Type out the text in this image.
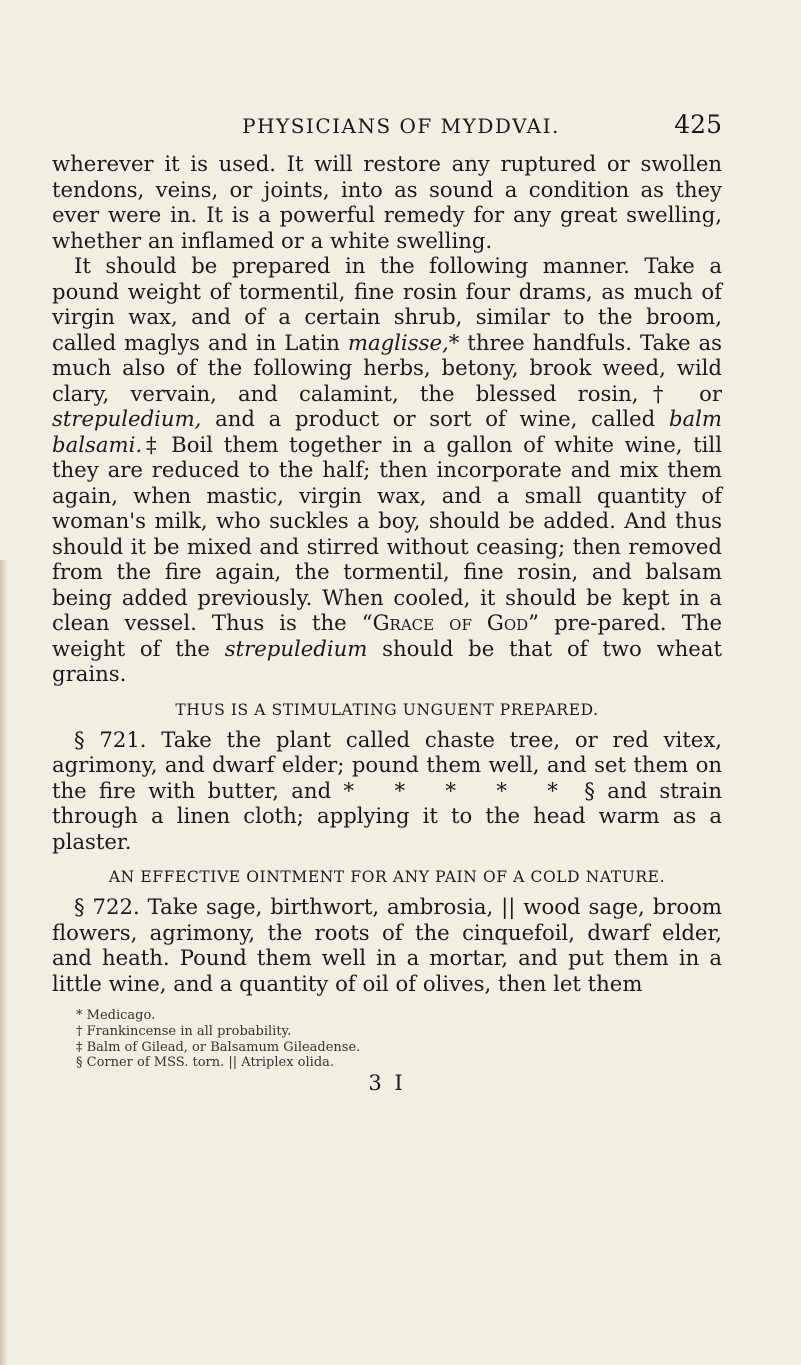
PHYSICIANS OF MYDDVAI.	425

wherever it is used. It will restore any ruptured or swollen tendons, veins, or joints, into as sound a condition as they ever were in. It is a powerful remedy for any great swelling, whether an inflamed or a white swelling.

It should be prepared in the following manner. Take a pound weight of tormentil, fine rosin four drams, as much of virgin wax, and of a certain shrub, similar to the broom, called maglys and in Latin maglisse,* three handfuls. Take as much also of the following herbs, betony, brook weed, wild clary, vervain, and calamint, the blessed rosin,† or strepuledium, and a product or sort of wine, called balm balsami.‡ Boil them together in a gallon of white wine, till they are reduced to the half; then incorporate and mix them again, when mastic, virgin wax, and a small quantity of woman's milk, who suckles a boy, should be added. And thus should it be mixed and stirred without ceasing; then removed from the fire again, the tormentil, fine rosin, and balsam being added previously. When cooled, it should be kept in a clean vessel. Thus is the “Grace of God” pre-pared. The weight of the strepuledium should be that of two wheat grains.

THUS IS A STIMULATING UNGUENT PREPARED.

§ 721. Take the plant called chaste tree, or red vitex, agrimony, and dwarf elder; pound them well, and set them on the fire with butter, and * * * * * § and strain through a linen cloth; applying it to the head warm as a plaster.

AN EFFECTIVE OINTMENT FOR ANY PAIN OF A COLD NATURE.

§ 722. Take sage, birthwort, ambrosia, || wood sage, broom flowers, agrimony, the roots of the cinquefoil, dwarf elder, and heath. Pound them well in a mortar, and put them in a little wine, and a quantity of oil of olives, then let them

* Medicago.

† Frankincense in all probability.

‡ Balm of Gilead, or Balsamum Gileadense.

§ Corner of MSS. torn. || Atriplex olida.

3 I
